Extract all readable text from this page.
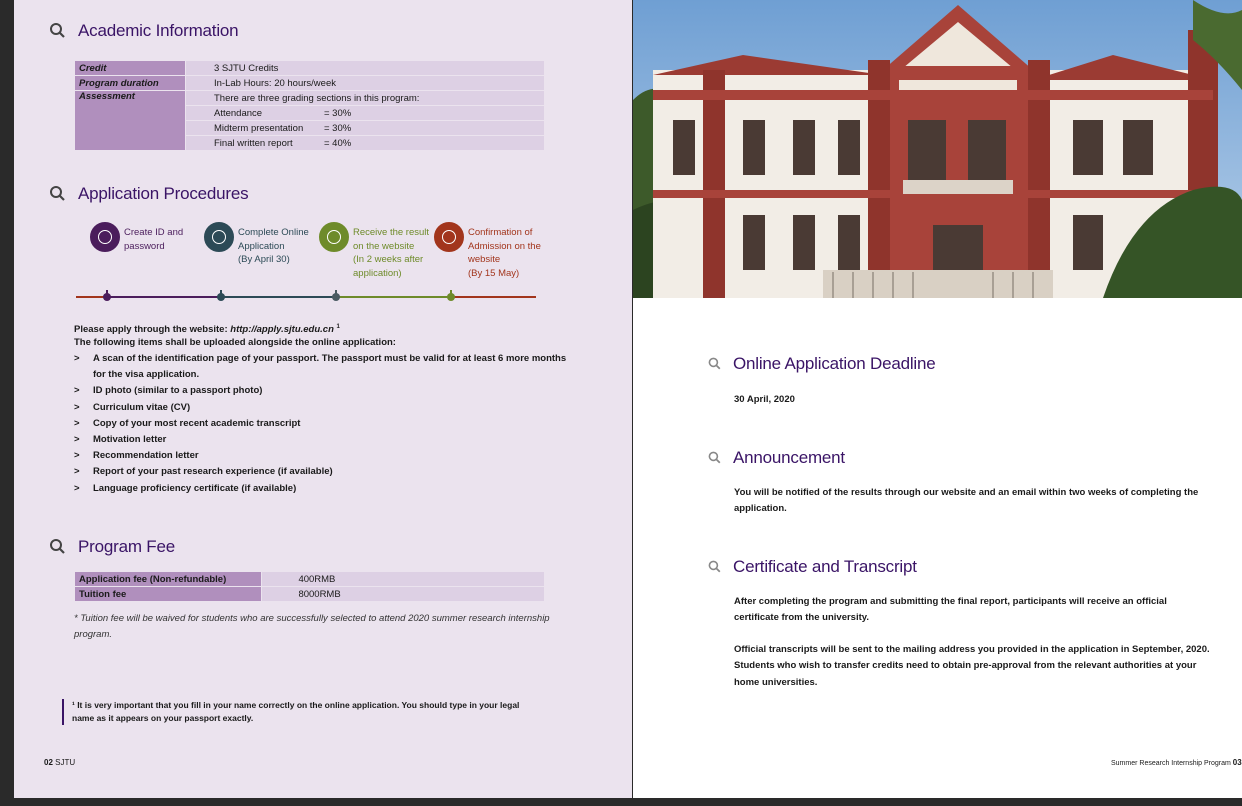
Academic Information
Credit	3 SJTU Credits
Program duration	In-Lab Hours: 20 hours/week
Assessment	There are three grading sections in this program:
	Attendance = 30%
	Midterm presentation = 30%
	Final written report = 40%
Application Procedures
Create ID and
password
Complete Online
Application
(By April 30)
Receive the result
on the website
(In 2 weeks after
application)
Confirmation of
Admission on the
website
(By 15 May)
Please apply through the website: http://apply.sjtu.edu.cn $^1$
The following items shall be uploaded alongside the online application:
> A scan of the identification page of your passport. The passport must be valid for at least 6 more months
for the visa application.
> ID photo (similar to a passport photo)
> Curriculum vitae (CV)
> Copy of your most recent academic transcript
> Motivation letter
> Recommendation letter
> Report of your past research experience (if available)
> Language proficiency certificate (if available)
Program Fee
Application fee (Non-refundable)	400RMB
Tuition fee	8000RMB
* Tuition fee will be waived for students who are successfully selected to attend 2020 summer research internship
program.
¹ It is very important that you fill in your name correctly on the online application. You should type in your legal
name as it appears on your passport exactly.
02 SJTU
Online Application Deadline
30 April, 2020
Announcement
You will be notified of the results through our website and an email within two weeks of completing the
application.
Certificate and Transcript
After completing the program and submitting the final report, participants will receive an official
certificate from the university.
Official transcripts will be sent to the mailing address you provided in the application in September, 2020.
Students who wish to transfer credits need to obtain pre-approval from the relevant authorities at your
home universities.
Summer Research Internship Program 03
